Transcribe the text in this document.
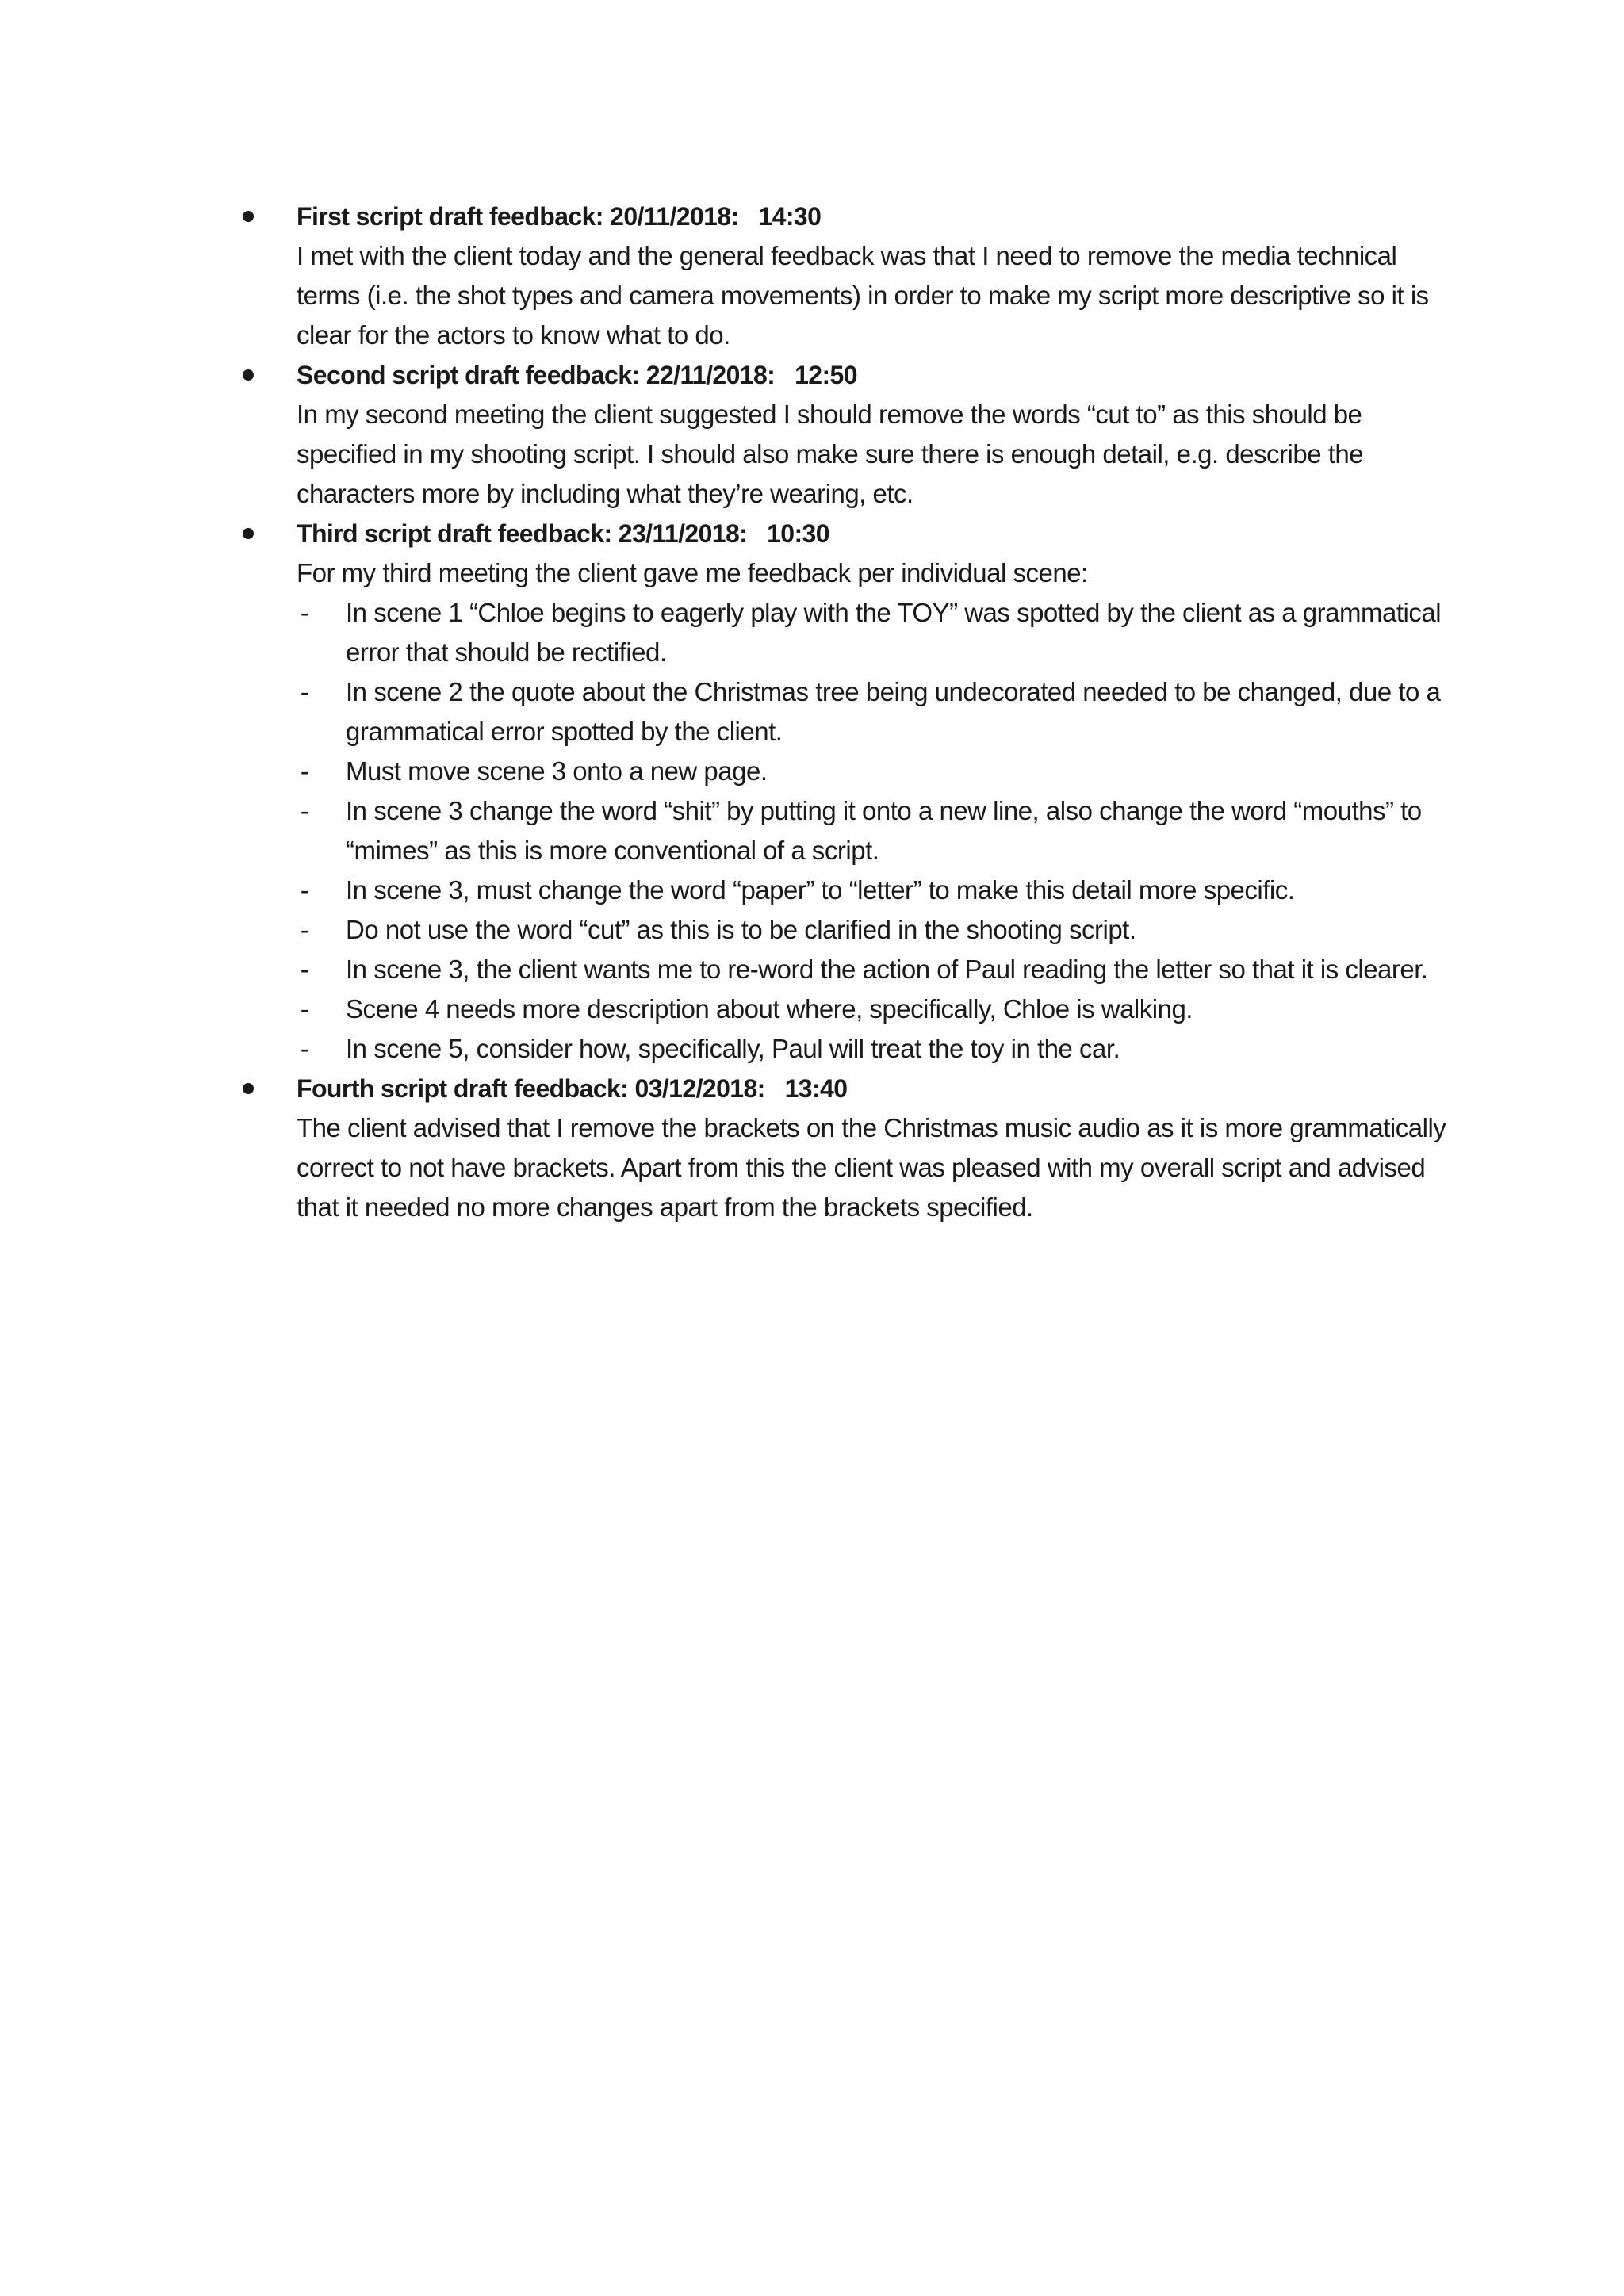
First script draft feedback: 20/11/2018:   14:30

I met with the client today and the general feedback was that I need to remove the media technical terms (i.e. the shot types and camera movements) in order to make my script more descriptive so it is clear for the actors to know what to do.

Second script draft feedback: 22/11/2018:   12:50

In my second meeting the client suggested I should remove the words “cut to” as this should be specified in my shooting script. I should also make sure there is enough detail, e.g. describe the characters more by including what they’re wearing, etc.

Third script draft feedback: 23/11/2018:   10:30

For my third meeting the client gave me feedback per individual scene:

- In scene 1 “Chloe begins to eagerly play with the TOY” was spotted by the client as a grammatical error that should be rectified.
- In scene 2 the quote about the Christmas tree being undecorated needed to be changed, due to a grammatical error spotted by the client.
- Must move scene 3 onto a new page.
- In scene 3 change the word “shit” by putting it onto a new line, also change the word “mouths” to “mimes” as this is more conventional of a script.
- In scene 3, must change the word “paper” to “letter” to make this detail more specific.
- Do not use the word “cut” as this is to be clarified in the shooting script.
- In scene 3, the client wants me to re-word the action of Paul reading the letter so that it is clearer.
- Scene 4 needs more description about where, specifically, Chloe is walking.
- In scene 5, consider how, specifically, Paul will treat the toy in the car.
Fourth script draft feedback: 03/12/2018:   13:40

The client advised that I remove the brackets on the Christmas music audio as it is more grammatically correct to not have brackets. Apart from this the client was pleased with my overall script and advised that it needed no more changes apart from the brackets specified.
